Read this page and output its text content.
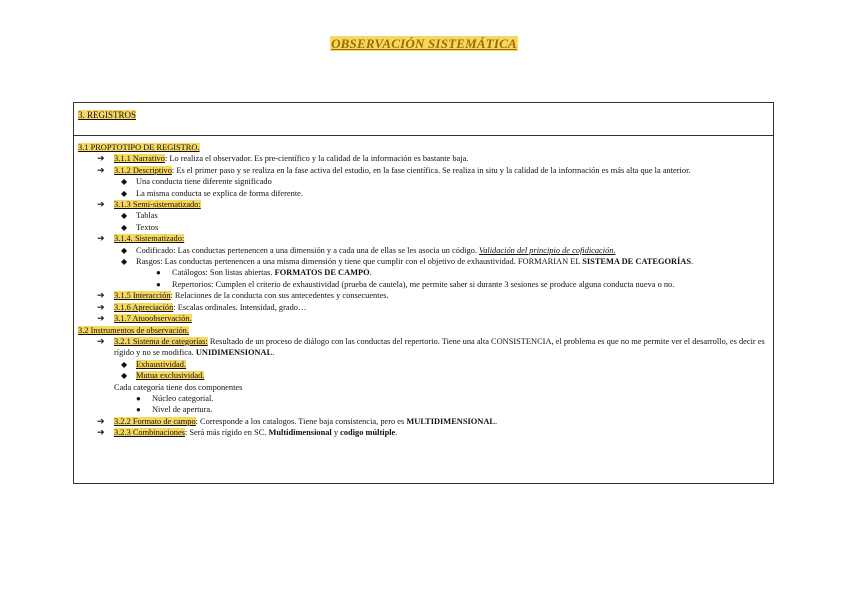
OBSERVACIÓN SISTEMÁTICA
3. REGISTROS
3.1 PROPTOTIPO DE REGISTRO.
➔ 3.1.1 Narrativo: Lo realiza el observador. Es pre-científico y la calidad de la información es bastante baja.
➔ 3.1.2 Descriptivo: Es el primer paso y se realiza en la fase activa del estudio, en la fase científica. Se realiza in situ y la calidad de la información es más alta que la anterior.
◆ Una conducta tiene diferente significado
◆ La misma conducta se explica de forma diferente.
➔ 3.1.3 Semi-sistematizado:
◆ Tablas
◆ Textos
➔ 3.1.4. Sistematizado:
◆ Codificado: Las conductas pertenencen a una dimensión y a cada una de ellas se les asocia un código. Validación del principio de cofidicación.
◆ Rasgos: Las conductas pertenencen a una misma dimensión y tiene que cumplir con el objetivo de exhaustividad. FORMARIAN EL SISTEMA DE CATEGORÍAS.
● Catálogos: Son listas abiertas. FORMATOS DE CAMPO.
● Repertorios: Cumplen el criterio de exhaustividad (prueba de cautela), me permite saber si durante 3 sesiones se produce alguna conducta nueva o no.
➔ 3.1.5 Interacción: Relaciones de la conducta con sus antecedentes y consecuentes.
➔ 3.1.6 Apreciación: Escalas ordinales. Intensidad, grado…
➔ 3.1.7 Atuoobservación.
3.2 Instrumentos de observación.
➔ 3.2.1 Sistema de categorías: Resultado de un proceso de diálogo con las conductas del repertorio. Tiene una alta CONSISTENCIA, el problema es que no me permite ver el desarrollo, es decir es rígido y no se modifica. UNIDIMENSIONAL.
◆ Exhaustividad.
◆ Mutua exclusividad.
Cada categoría tiene dos componentes
● Núcleo categorial.
● Nivel de apertura.
➔ 3.2.2 Formato de campo: Corresponde a los catalogos. Tiene baja consistencia, pero es MULTIDIMENSIONAL.
➔ 3.2.3 Combinaciones: Será más rígido en SC. Multidimensional y codigo múltiple.
